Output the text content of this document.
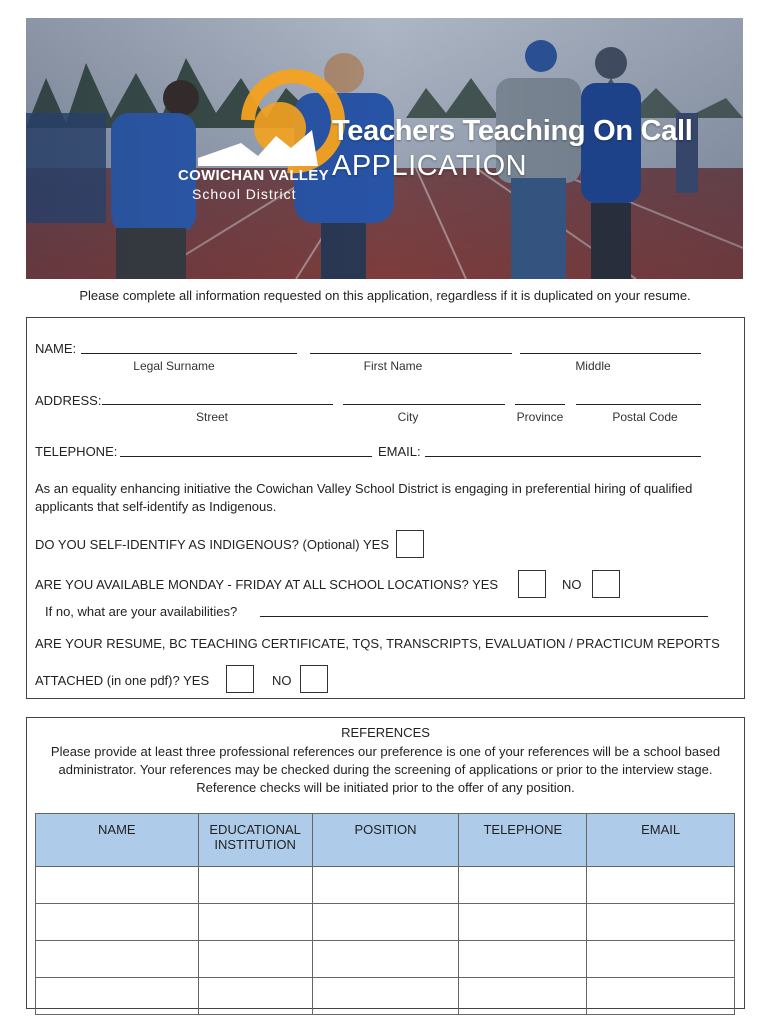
COWICHAN VALLEY
School District
Teachers Teaching On Call
APPLICATION
Please complete all information requested on this application, regardless if it is duplicated on your resume.
NAME:
Legal Surname	First Name	Middle
ADDRESS:
Street	City	Province	Postal Code
TELEPHONE:	EMAIL:
As an equality enhancing initiative the Cowichan Valley School District is engaging in preferential hiring of qualified applicants that self-identify as Indigenous.
DO YOU SELF-IDENTIFY AS INDIGENOUS? (Optional) YES
ARE YOU AVAILABLE MONDAY - FRIDAY AT ALL SCHOOL LOCATIONS? YES	NO
If no, what are your availabilities?
ARE YOUR RESUME, BC TEACHING CERTIFICATE, TQS, TRANSCRIPTS, EVALUATION / PRACTICUM REPORTS
ATTACHED (in one pdf)? YES	NO
REFERENCES
Please provide at least three professional references our preference is one of your references will be a school based administrator. Your references may be checked during the screening of applications or prior to the interview stage. Reference checks will be initiated prior to the offer of any position.
NAME	EDUCATIONAL INSTITUTION	POSITION	TELEPHONE	EMAIL
